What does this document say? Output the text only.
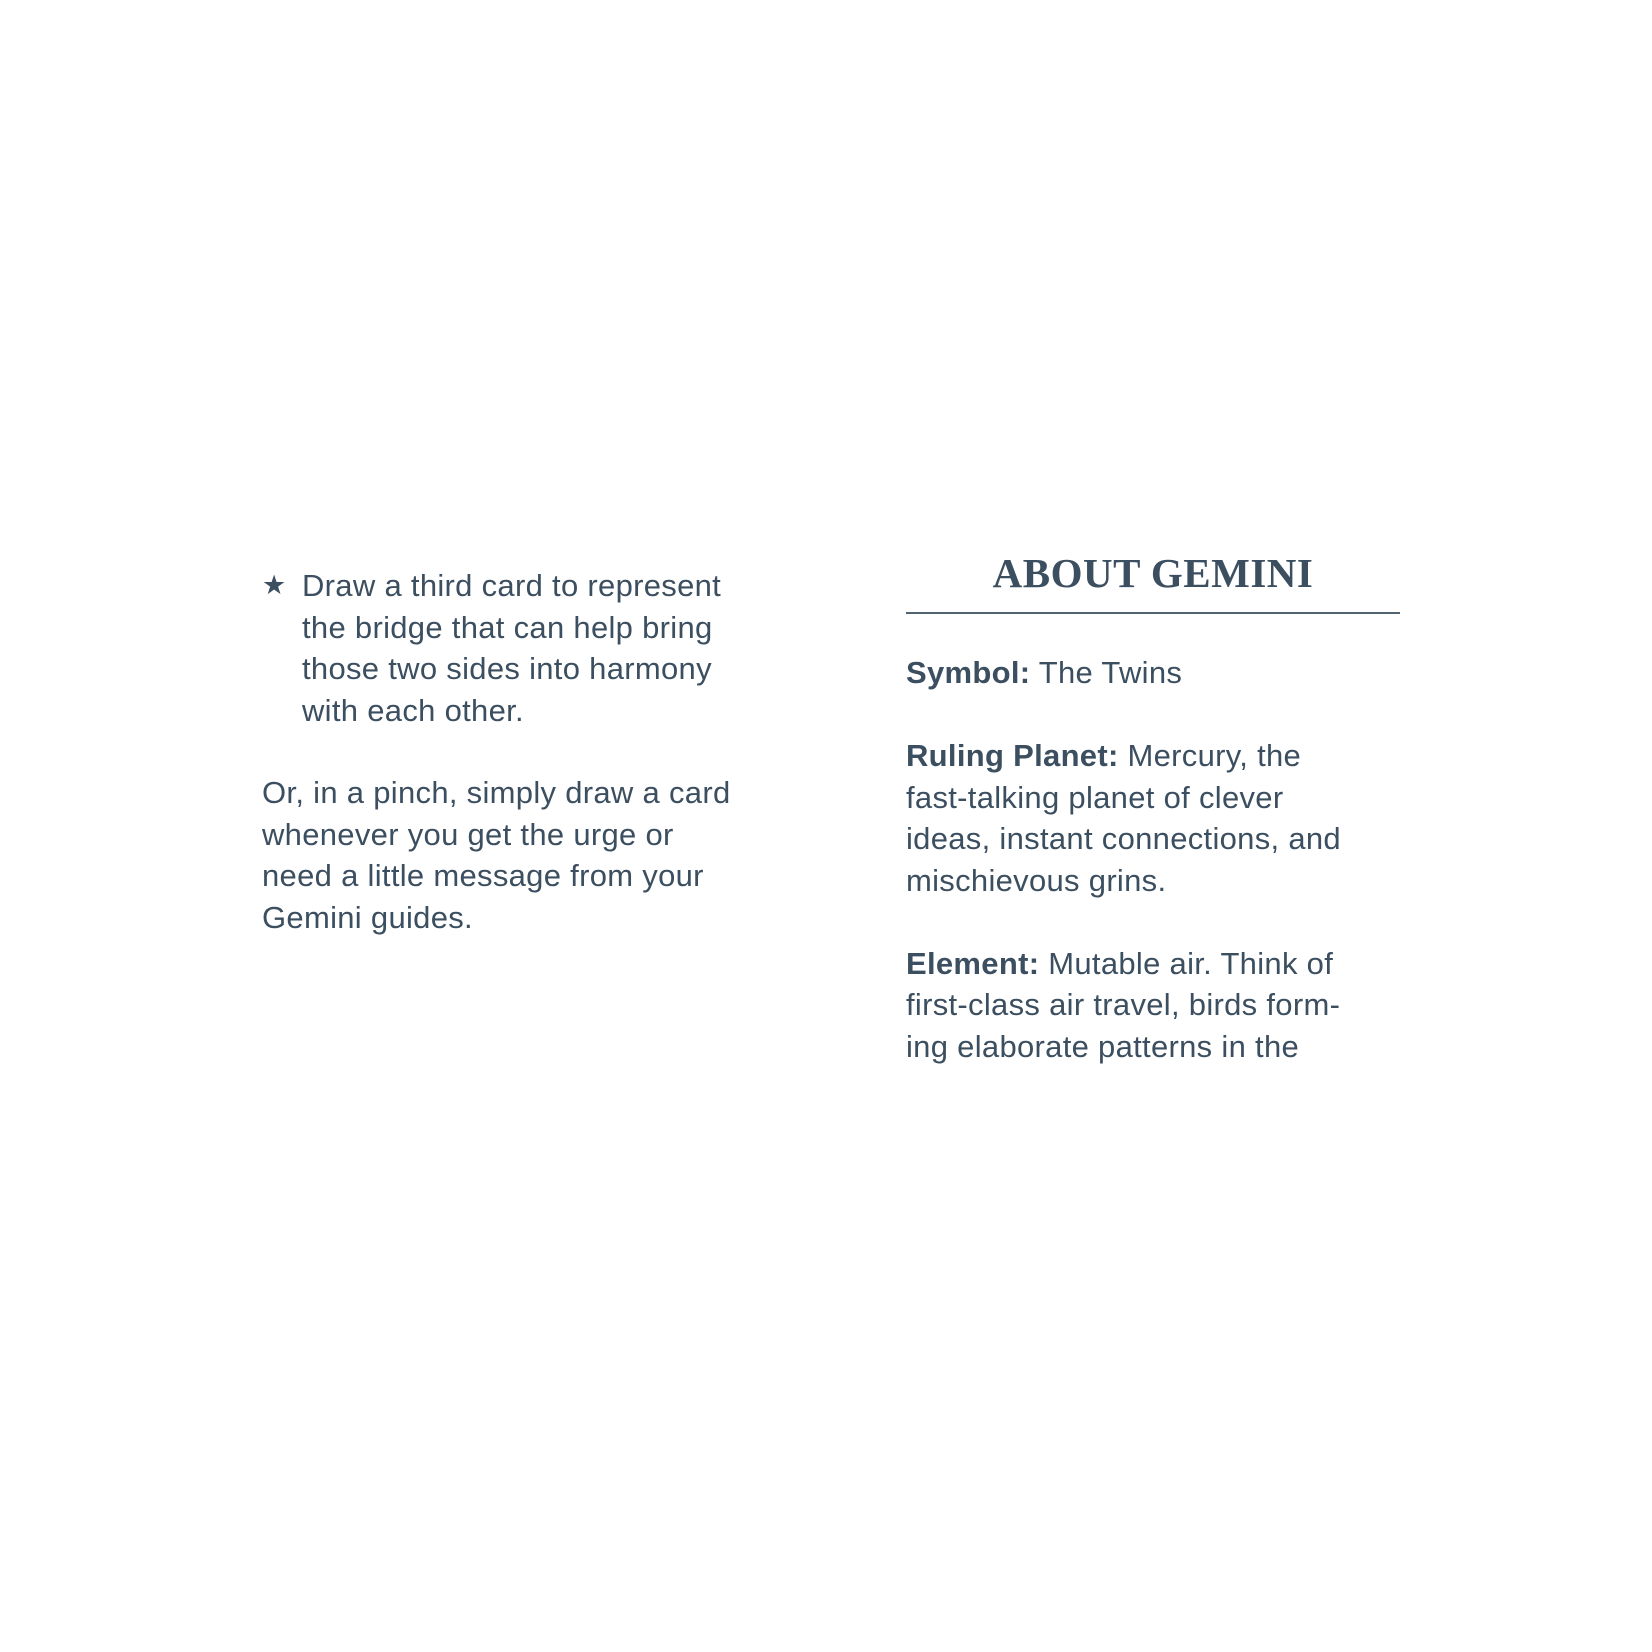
★ Draw a third card to represent
the bridge that can help bring
those two sides into harmony
with each other.
Or, in a pinch, simply draw a card
whenever you get the urge or
need a little message from your
Gemini guides.
ABOUT GEMINI
Symbol: The Twins
Ruling Planet: Mercury, the
fast-talking planet of clever
ideas, instant connections, and
mischievous grins.
Element: Mutable air. Think of
first-class air travel, birds form-
ing elaborate patterns in the
